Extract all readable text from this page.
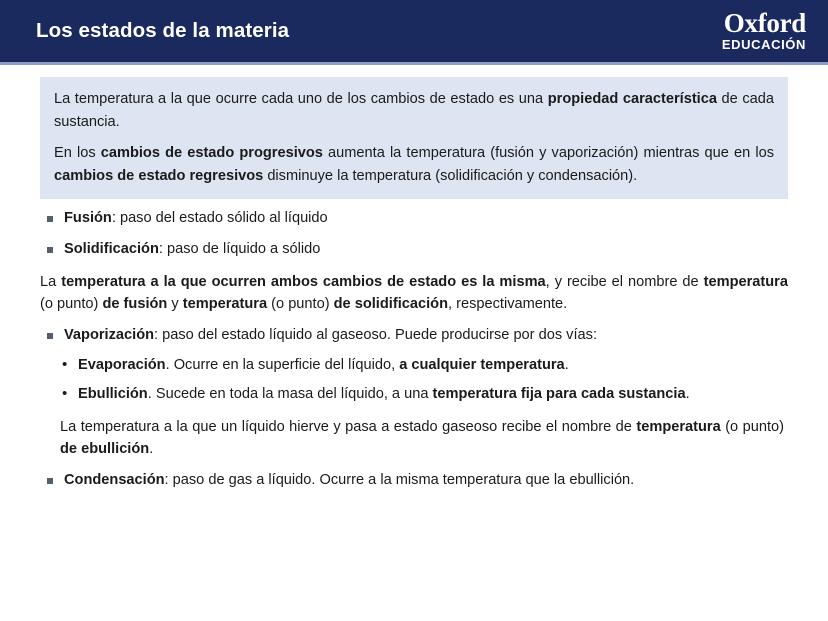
Los estados de la materia	Oxford
EDUCACIÓN

La temperatura a la que ocurre cada uno de los cambios de estado es una propiedad característica de cada sustancia.

En los cambios de estado progresivos aumenta la temperatura (fusión y vaporización) mientras que en los cambios de estado regresivos disminuye la temperatura (solidificación y condensación).

Fusión: paso del estado sólido al líquido
Solidificación: paso de líquido a sólido

La temperatura a la que ocurren ambos cambios de estado es la misma, y recibe el nombre de temperatura (o punto) de fusión y temperatura (o punto) de solidificación, respectivamente.

Vaporización: paso del estado líquido al gaseoso. Puede producirse por dos vías:
• Evaporación. Ocurre en la superficie del líquido, a cualquier temperatura.
• Ebullición. Sucede en toda la masa del líquido, a una temperatura fija para cada sustancia.

La temperatura a la que un líquido hierve y pasa a estado gaseoso recibe el nombre de temperatura (o punto) de ebullición.

Condensación: paso de gas a líquido. Ocurre a la misma temperatura que la ebullición.
